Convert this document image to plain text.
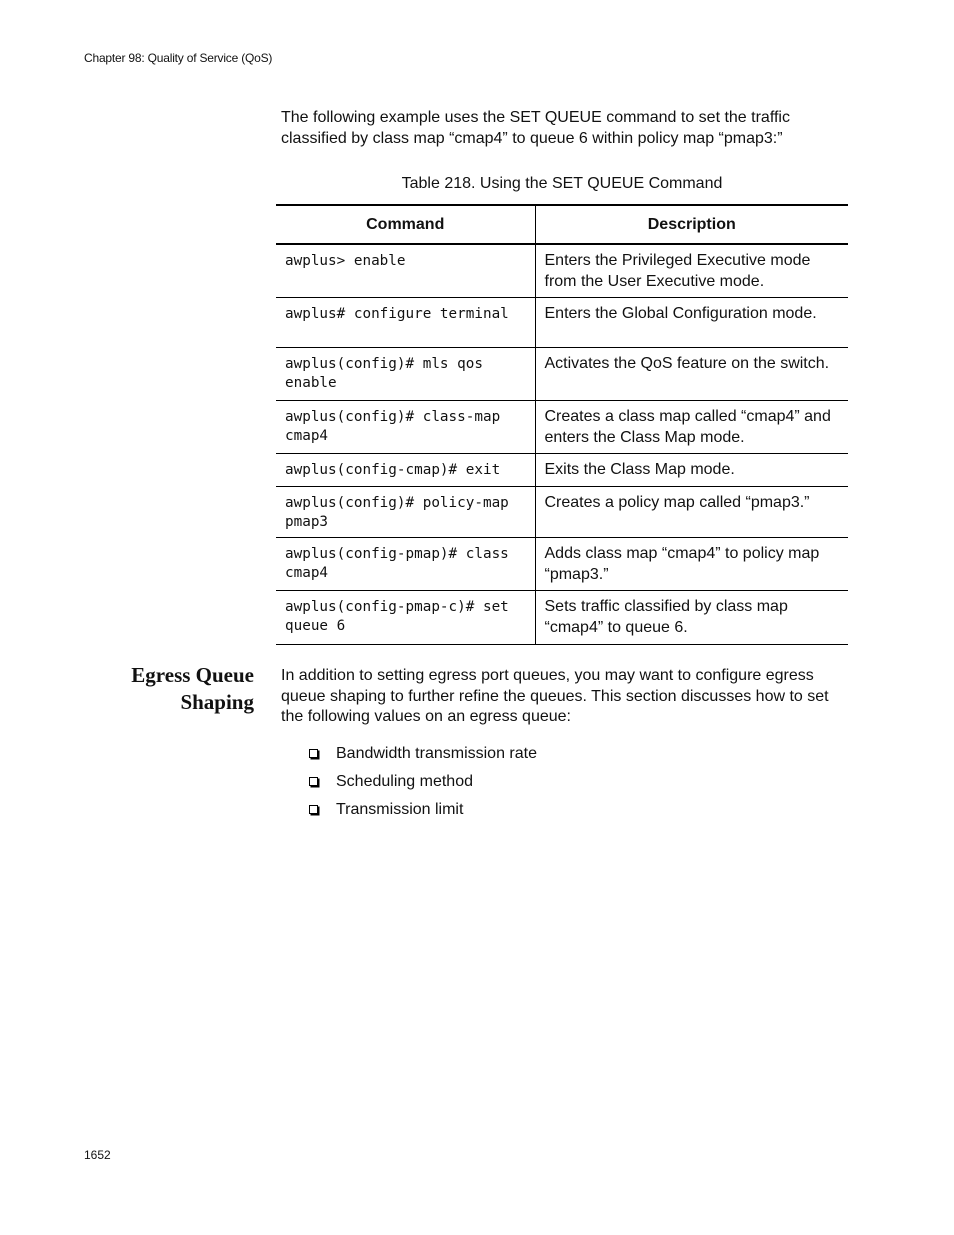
Chapter 98: Quality of Service (QoS)

The following example uses the SET QUEUE command to set the traffic classified by class map “cmap4” to queue 6 within policy map “pmap3:”

Table 218. Using the SET QUEUE Command
Command	Description
awplus> enable	Enters the Privileged Executive mode from the User Executive mode.
awplus# configure terminal	Enters the Global Configuration mode.
awplus(config)# mls qos enable	Activates the QoS feature on the switch.
awplus(config)# class-map cmap4	Creates a class map called “cmap4” and enters the Class Map mode.
awplus(config-cmap)# exit	Exits the Class Map mode.
awplus(config)# policy-map pmap3	Creates a policy map called “pmap3.”
awplus(config-pmap)# class cmap4	Adds class map “cmap4” to policy map “pmap3.”
awplus(config-pmap-c)# set queue 6	Sets traffic classified by class map “cmap4” to queue 6.
Egress Queue
Shaping

In addition to setting egress port queues, you may want to configure egress queue shaping to further refine the queues. This section discusses how to set the following values on an egress queue:

Bandwidth transmission rate
Scheduling method
Transmission limit
1652
